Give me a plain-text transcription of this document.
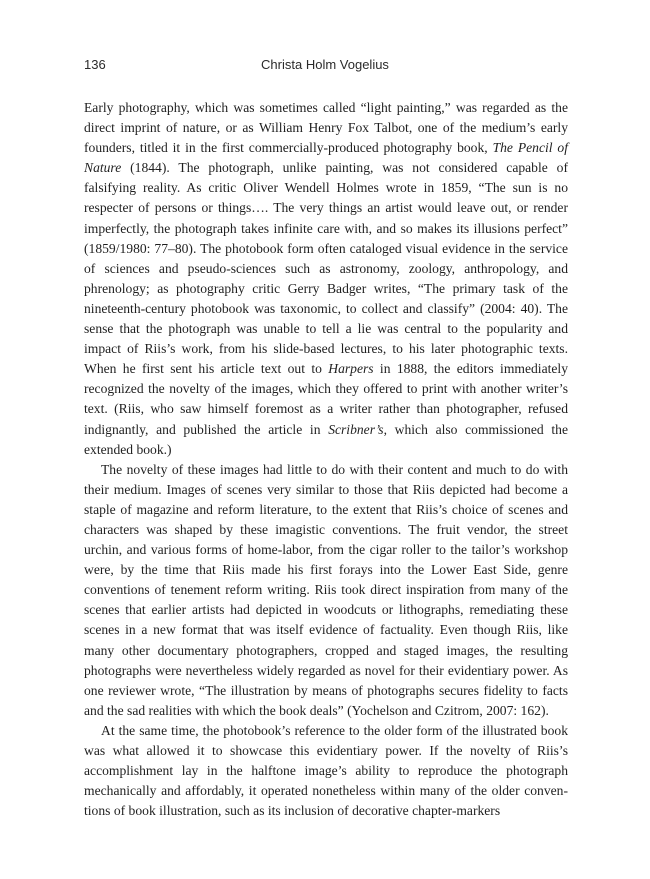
136	Christa Holm Vogelius

Early photography, which was sometimes called “light painting,” was regarded as the direct imprint of nature, or as William Henry Fox Talbot, one of the medium’s early founders, titled it in the first commercially-produced photography book, The Pencil of Nature (1844). The photograph, unlike painting, was not considered capable of falsifying reality. As critic Oliver Wendell Holmes wrote in 1859, “The sun is no respecter of persons or things…. The very things an artist would leave out, or render imperfectly, the photograph takes infinite care with, and so makes its illusions perfect” (1859/1980: 77–80). The photobook form often cataloged visual evidence in the service of sciences and pseudo-sciences such as astronomy, zoology, anthropology, and phrenology; as photography critic Gerry Badger writes, “The primary task of the nineteenth-century photobook was taxonomic, to collect and classify” (2004: 40). The sense that the photograph was unable to tell a lie was central to the popularity and impact of Riis’s work, from his slide-based lectures, to his later photographic texts. When he first sent his article text out to Harpers in 1888, the editors immediately recognized the novelty of the images, which they offered to print with another writer’s text. (Riis, who saw himself foremost as a writer rather than photographer, refused indignantly, and published the article in Scribner’s, which also commissioned the extended book.)

The novelty of these images had little to do with their content and much to do with their medium. Images of scenes very similar to those that Riis depicted had become a staple of magazine and reform literature, to the extent that Riis’s choice of scenes and characters was shaped by these imagistic conventions. The fruit vendor, the street urchin, and various forms of home-labor, from the cigar roller to the tailor’s workshop were, by the time that Riis made his first forays into the Lower East Side, genre conventions of tenement reform writing. Riis took direct inspiration from many of the scenes that earlier artists had depicted in woodcuts or lithographs, remediating these scenes in a new format that was itself evidence of factuality. Even though Riis, like many other documentary photographers, cropped and staged images, the resulting photographs were nevertheless widely regarded as novel for their evidentiary power. As one reviewer wrote, “The illustration by means of photographs secures fidelity to facts and the sad realities with which the book deals” (Yochelson and Czitrom, 2007: 162).

At the same time, the photobook’s reference to the older form of the illustrated book was what allowed it to showcase this evidentiary power. If the novelty of Riis’s accomplishment lay in the halftone image’s ability to reproduce the photograph mechanically and affordably, it operated nonetheless within many of the older conventions of book illustration, such as its inclusion of decorative chapter-markers
